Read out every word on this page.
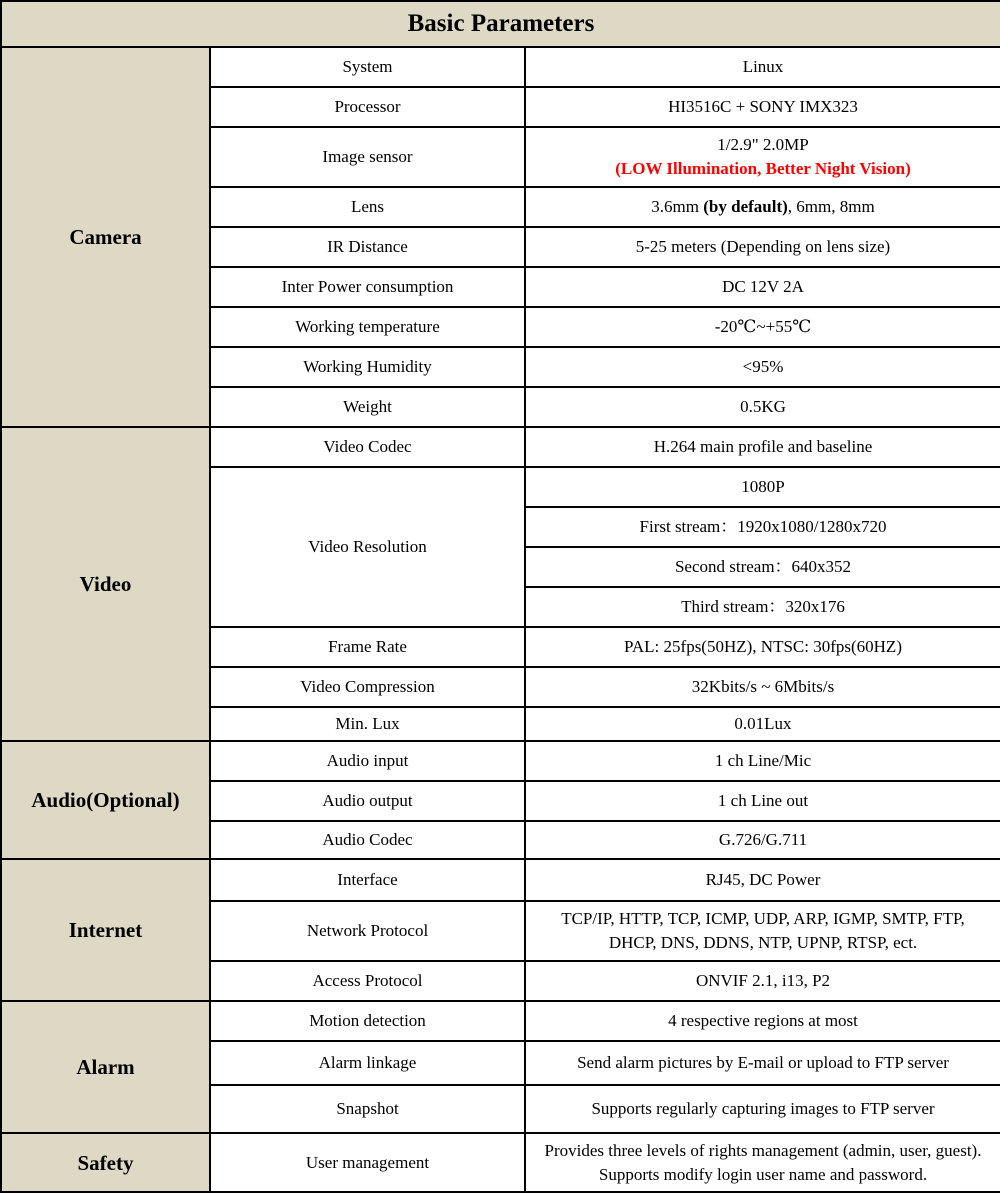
Basic Parameters		
Camera	System	Linux
	Processor	HI3516C + SONY IMX323
	Image sensor	1/2.9" 2.0MP
(LOW Illumination, Better Night Vision)

	Lens	3.6mm (by default), 6mm, 8mm
	IR Distance	5-25 meters (Depending on lens size)
	Inter Power consumption	DC 12V 2A
	Working temperature	-20℃~+55℃
	Working Humidity	<95%
	Weight	0.5KG
Video	Video Codec	H.264 main profile and baseline
	Video Resolution	1080P
		First stream：1920x1080/1280x720
		Second stream：640x352
		Third stream：320x176
	Frame Rate	PAL: 25fps(50HZ), NTSC: 30fps(60HZ)
	Video Compression	32Kbits/s ~ 6Mbits/s
	Min. Lux	0.01Lux
Audio(Optional)	Audio input	1 ch Line/Mic
	Audio output	1 ch Line out
	Audio Codec	G.726/G.711
Internet	Interface	RJ45, DC Power
	Network Protocol	TCP/IP, HTTP, TCP, ICMP, UDP, ARP, IGMP, SMTP, FTP,
DHCP, DNS, DDNS, NTP, UPNP, RTSP, ect.

	Access Protocol	ONVIF 2.1, i13, P2
Alarm	Motion detection	4 respective regions at most
	Alarm linkage	Send alarm pictures by E-mail or upload to FTP server
	Snapshot	Supports regularly capturing images to FTP server
Safety	User management	Provides three levels of rights management (admin, user, guest).
Supports modify login user name and password.
